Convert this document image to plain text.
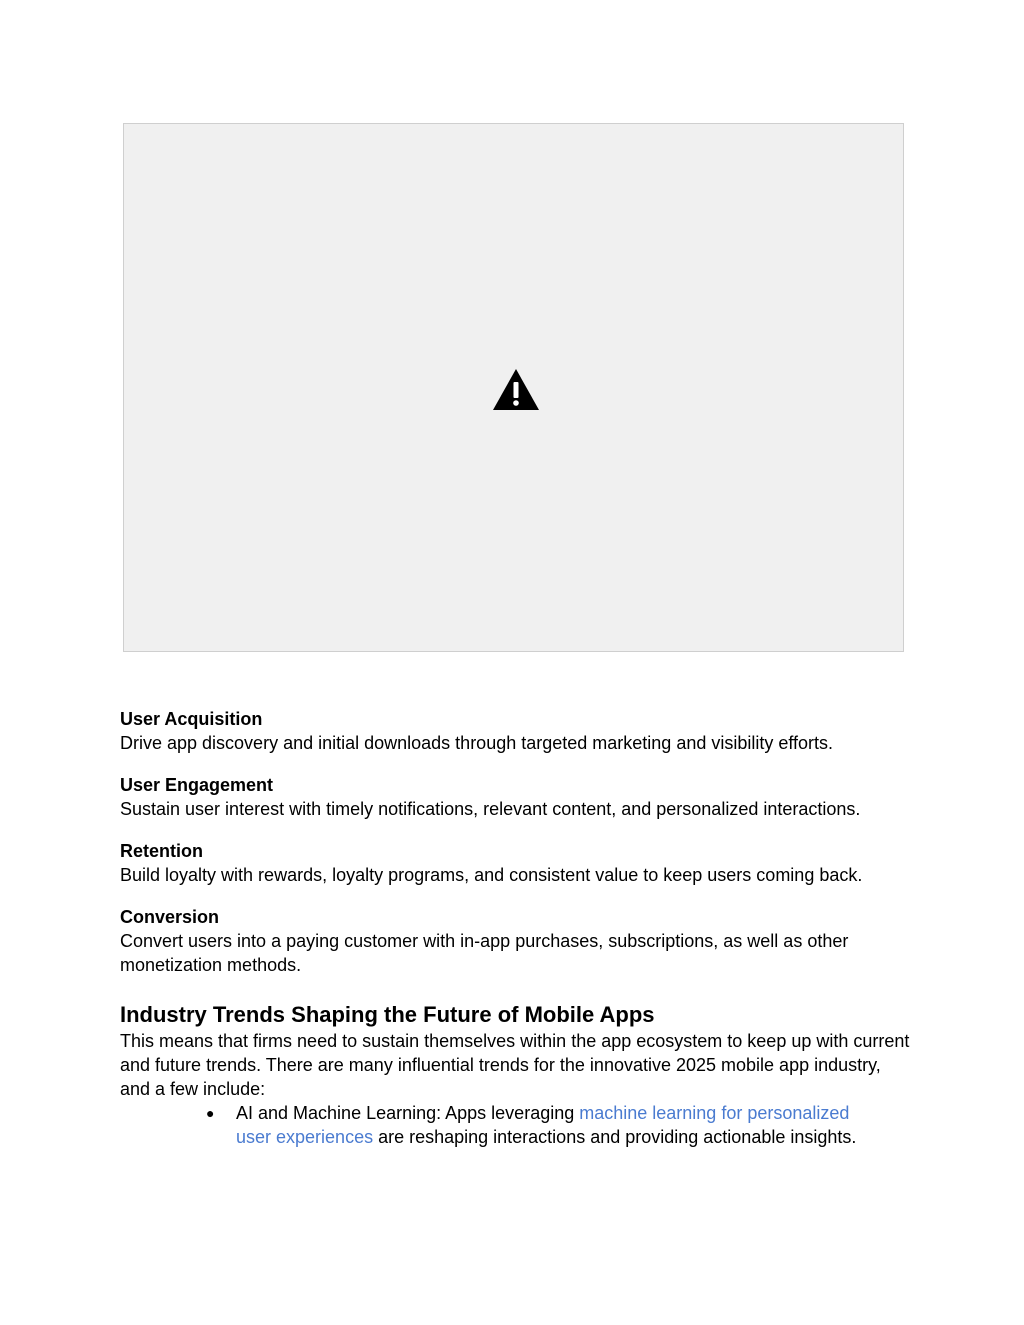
User Acquisition

Drive app discovery and initial downloads through targeted marketing and visibility efforts.

User Engagement

Sustain user interest with timely notifications, relevant content, and personalized interactions.

Retention

Build loyalty with rewards, loyalty programs, and consistent value to keep users coming back.

Conversion

Convert users into a paying customer with in-app purchases, subscriptions, as well as other monetization methods.

Industry Trends Shaping the Future of Mobile Apps

This means that firms need to sustain themselves within the app ecosystem to keep up with current and future trends. There are many influential trends for the innovative 2025 mobile app industry, and a few include:

● AI and Machine Learning: Apps leveraging machine learning for personalized user experiences are reshaping interactions and providing actionable insights.
